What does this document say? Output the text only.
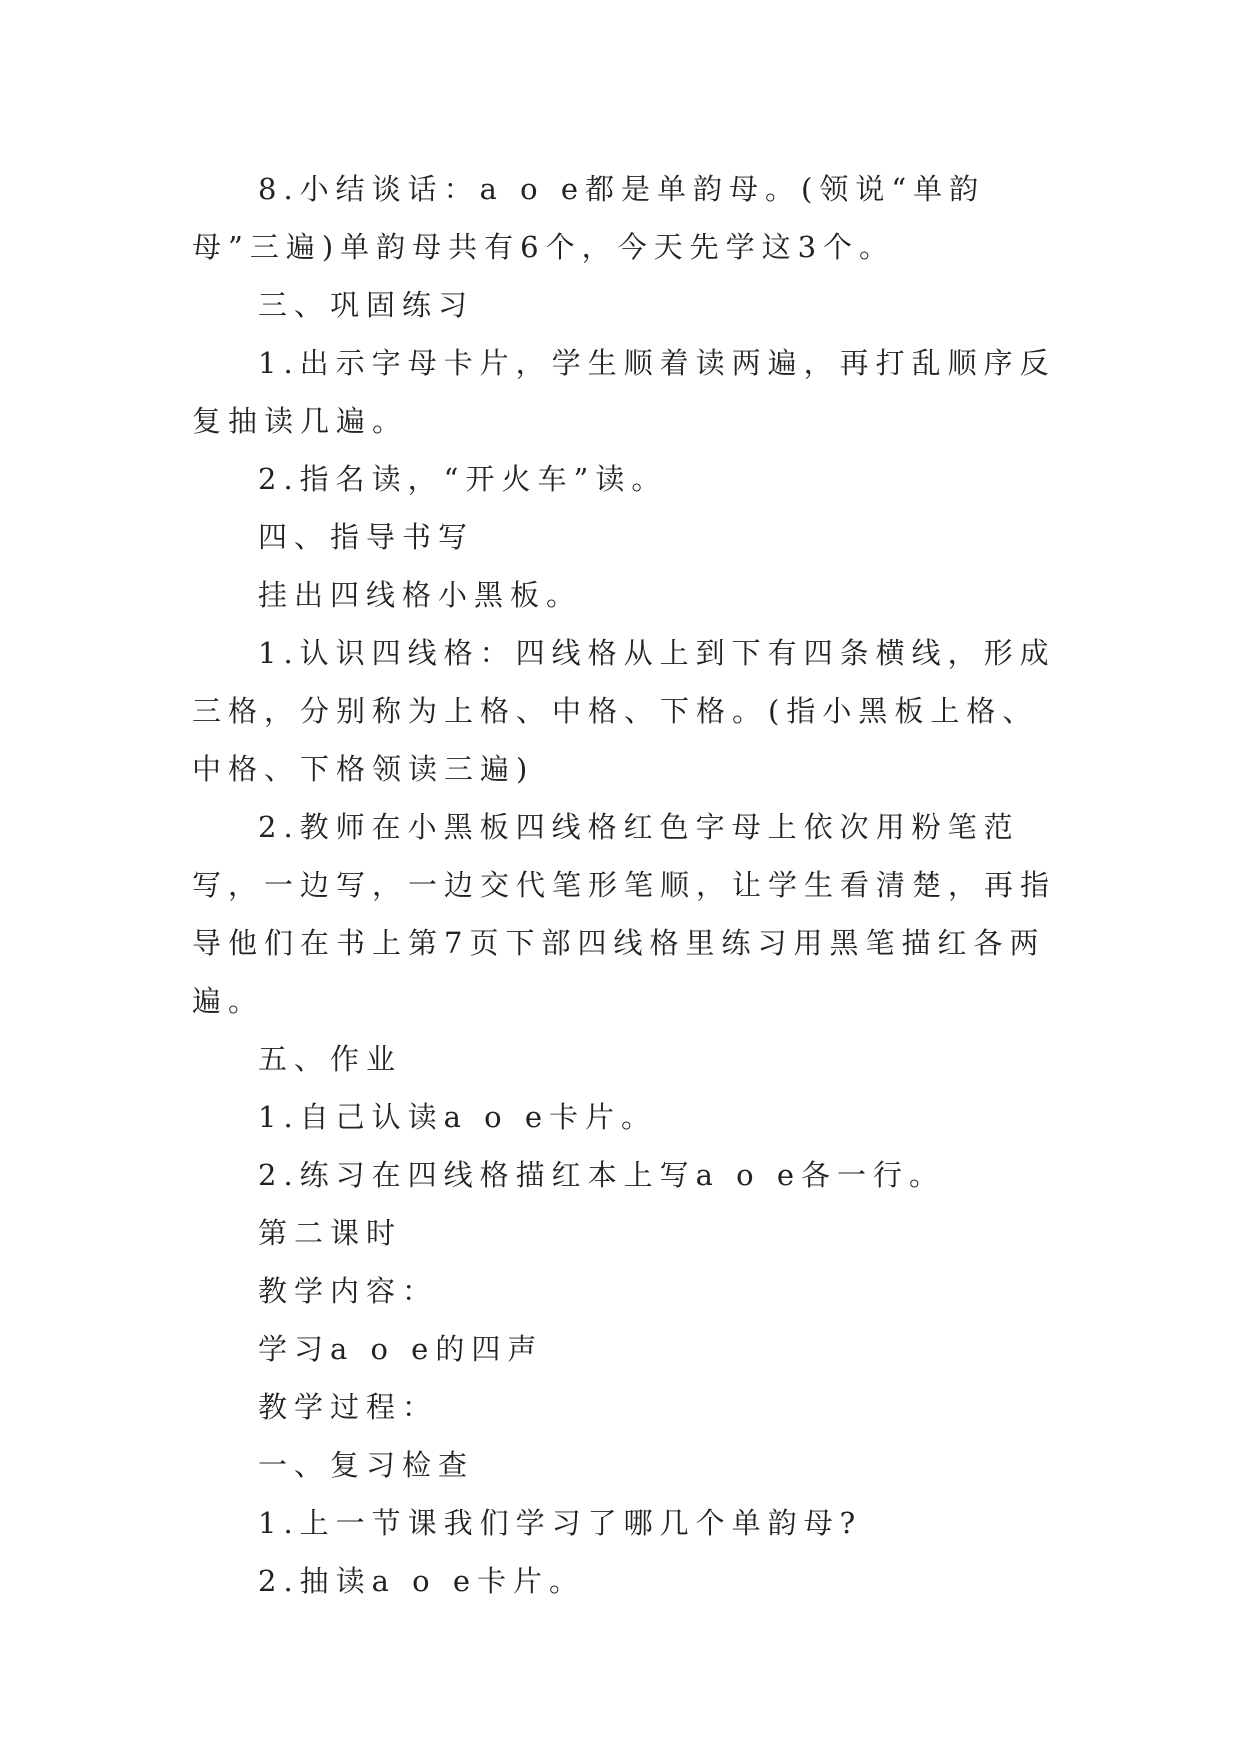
8.小结谈话：a o e都是单韵母。(领说“单韵母”三遍)单韵母共有6个，今天先学这3个。

三、巩固练习

1.出示字母卡片，学生顺着读两遍，再打乱顺序反复抽读几遍。

2.指名读，“开火车”读。

四、指导书写

挂出四线格小黑板。

1.认识四线格：四线格从上到下有四条横线，形成三格，分别称为上格、中格、下格。(指小黑板上格、中格、下格领读三遍)

2.教师在小黑板四线格红色字母上依次用粉笔范写，一边写，一边交代笔形笔顺，让学生看清楚，再指导他们在书上第7页下部四线格里练习用黑笔描红各两遍。

五、作业

1.自己认读a o e卡片。

2.练习在四线格描红本上写a o e各一行。

第二课时

教学内容：

学习a o e的四声

教学过程：

一、复习检查

1.上一节课我们学习了哪几个单韵母?

2.抽读a o e卡片。
